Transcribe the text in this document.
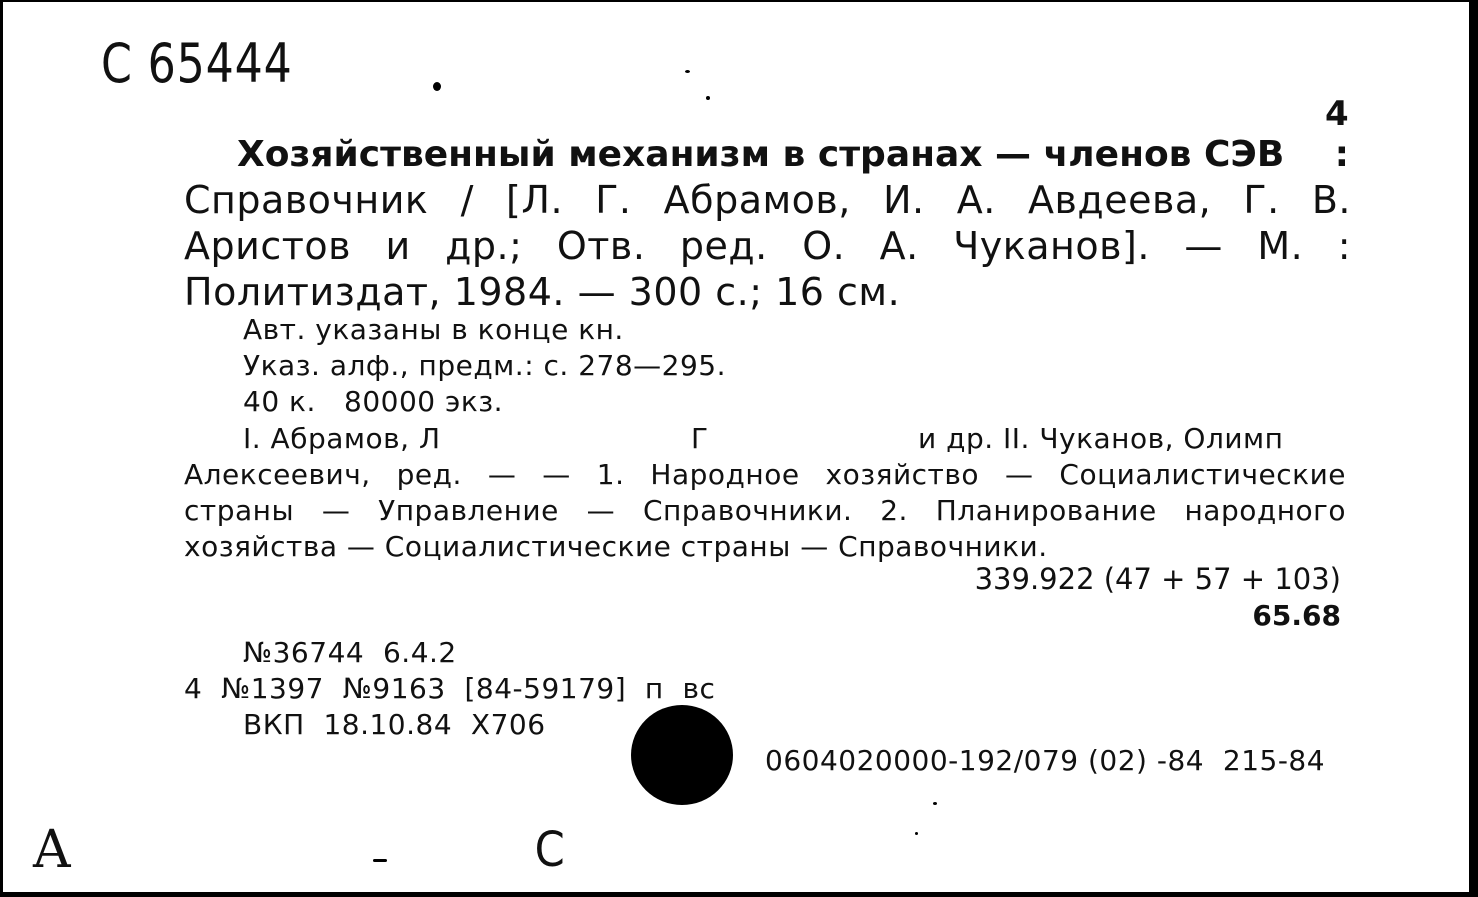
С 65444
4
Хозяйственный механизм в странах — членов СЭВ :
Справочник / [Л. Г. Абрамов, И. А. Авдеева, Г. В.
Аристов и др.; Отв. ред. О. А. Чуканов]. — М. :
Политиздат, 1984. — 300 с.; 16 см.
Авт. указаны в конце кн.
Указ. алф., предм.: с. 278—295.
40 к.   80000 экз.
I. Абрамов, Л	Г	и др. II. Чуканов, Олимп
Алексеевич, ред. — — 1. Народное хозяйство — Социалистические
страны — Управление — Справочники. 2. Планирование народного
хозяйства — Социалистические страны — Справочники.
339.922 (47 + 57 + 103)
65.68
№36744  6.4.2
4  №1397  №9163  [84-59179]  п  вс
ВКП  18.10.84  Х706
0604020000-192/079 (02) -84  215-84
С
A
